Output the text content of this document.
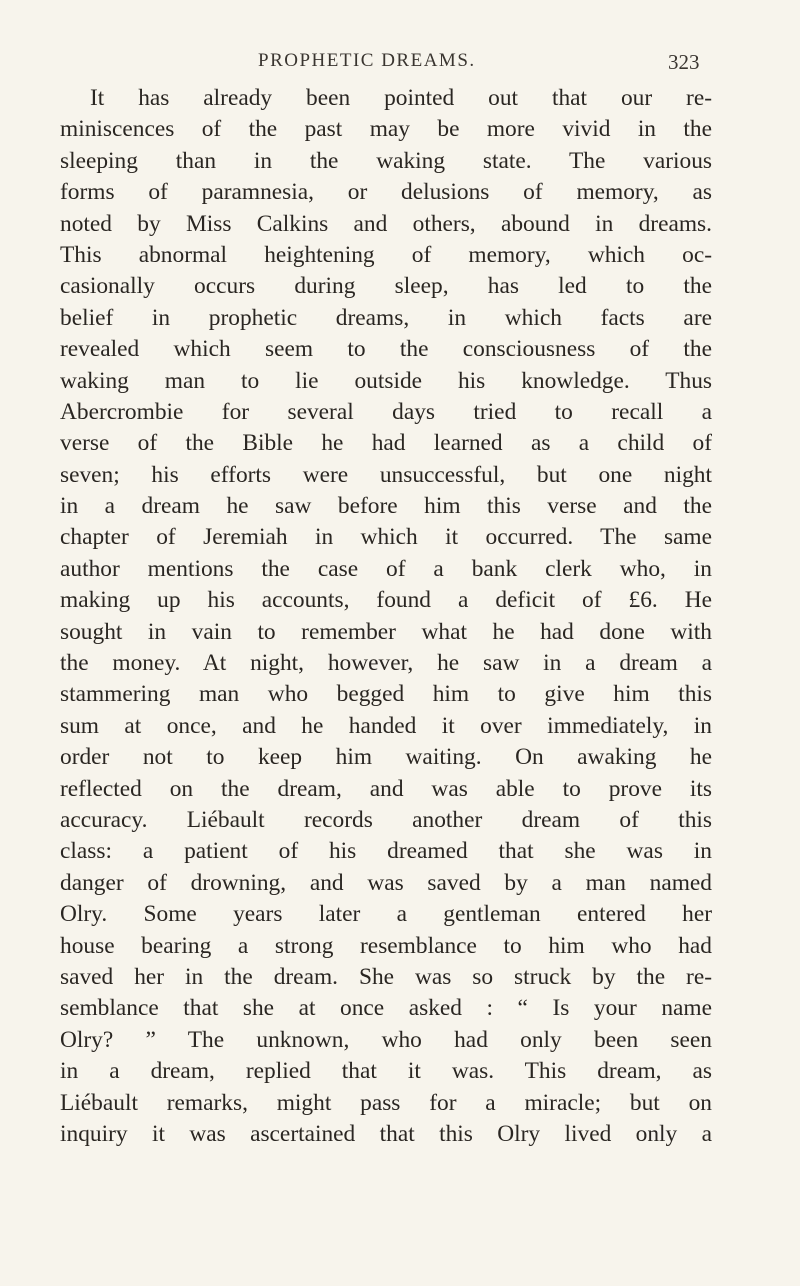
PROPHETIC DREAMS.	323
It has already been pointed out that our re-
miniscences of the past may be more vivid in the
sleeping than in the waking state. The various
forms of paramnesia, or delusions of memory, as
noted by Miss Calkins and others, abound in dreams.
This abnormal heightening of memory, which oc-
casionally occurs during sleep, has led to the
belief in prophetic dreams, in which facts are
revealed which seem to the consciousness of the
waking man to lie outside his knowledge. Thus
Abercrombie for several days tried to recall a
verse of the Bible he had learned as a child of
seven; his efforts were unsuccessful, but one night
in a dream he saw before him this verse and the
chapter of Jeremiah in which it occurred. The same
author mentions the case of a bank clerk who, in
making up his accounts, found a deficit of £6. He
sought in vain to remember what he had done with
the money. At night, however, he saw in a dream a
stammering man who begged him to give him this
sum at once, and he handed it over immediately, in
order not to keep him waiting. On awaking he
reflected on the dream, and was able to prove its
accuracy. Liébault records another dream of this
class: a patient of his dreamed that she was in
danger of drowning, and was saved by a man named
Olry. Some years later a gentleman entered her
house bearing a strong resemblance to him who had
saved her in the dream. She was so struck by the re-
semblance that she at once asked : “ Is your name
Olry? ” The unknown, who had only been seen
in a dream, replied that it was. This dream, as
Liébault remarks, might pass for a miracle; but on
inquiry it was ascertained that this Olry lived only a
